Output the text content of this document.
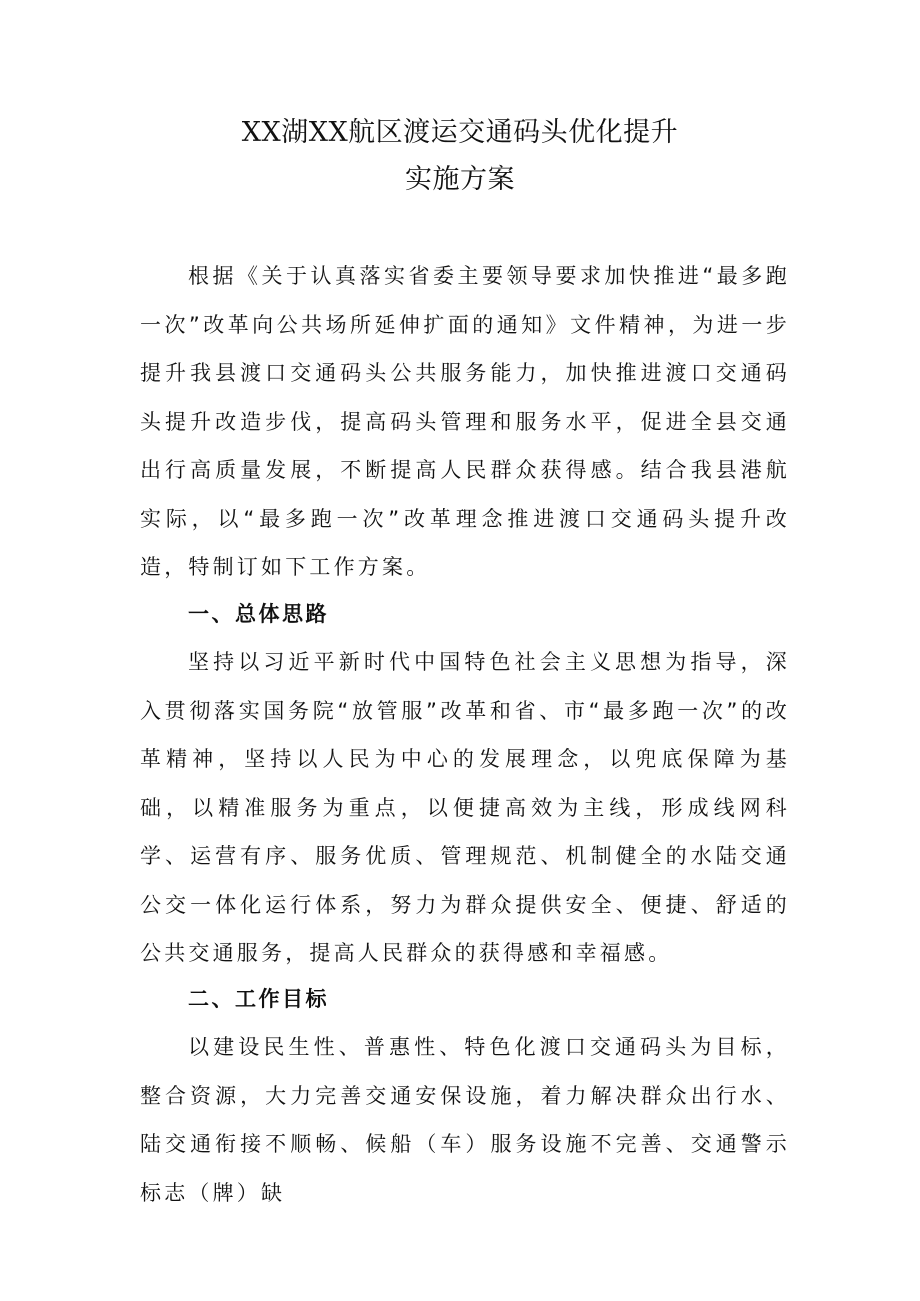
XX湖XX航区渡运交通码头优化提升
实施方案

根据《关于认真落实省委主要领导要求加快推进“最多跑一次”改革向公共场所延伸扩面的通知》文件精神，为进一步提升我县渡口交通码头公共服务能力，加快推进渡口交通码头提升改造步伐，提高码头管理和服务水平，促进全县交通出行高质量发展，不断提高人民群众获得感。结合我县港航实际，以“最多跑一次”改革理念推进渡口交通码头提升改造，特制订如下工作方案。

一、总体思路

坚持以习近平新时代中国特色社会主义思想为指导，深入贯彻落实国务院“放管服”改革和省、市“最多跑一次”的改革精神，坚持以人民为中心的发展理念，以兜底保障为基础，以精准服务为重点，以便捷高效为主线，形成线网科学、运营有序、服务优质、管理规范、机制健全的水陆交通公交一体化运行体系，努力为群众提供安全、便捷、舒适的公共交通服务，提高人民群众的获得感和幸福感。

二、工作目标

以建设民生性、普惠性、特色化渡口交通码头为目标，整合资源，大力完善交通安保设施，着力解决群众出行水、陆交通衔接不顺畅、候船（车）服务设施不完善、交通警示标志（牌）缺
